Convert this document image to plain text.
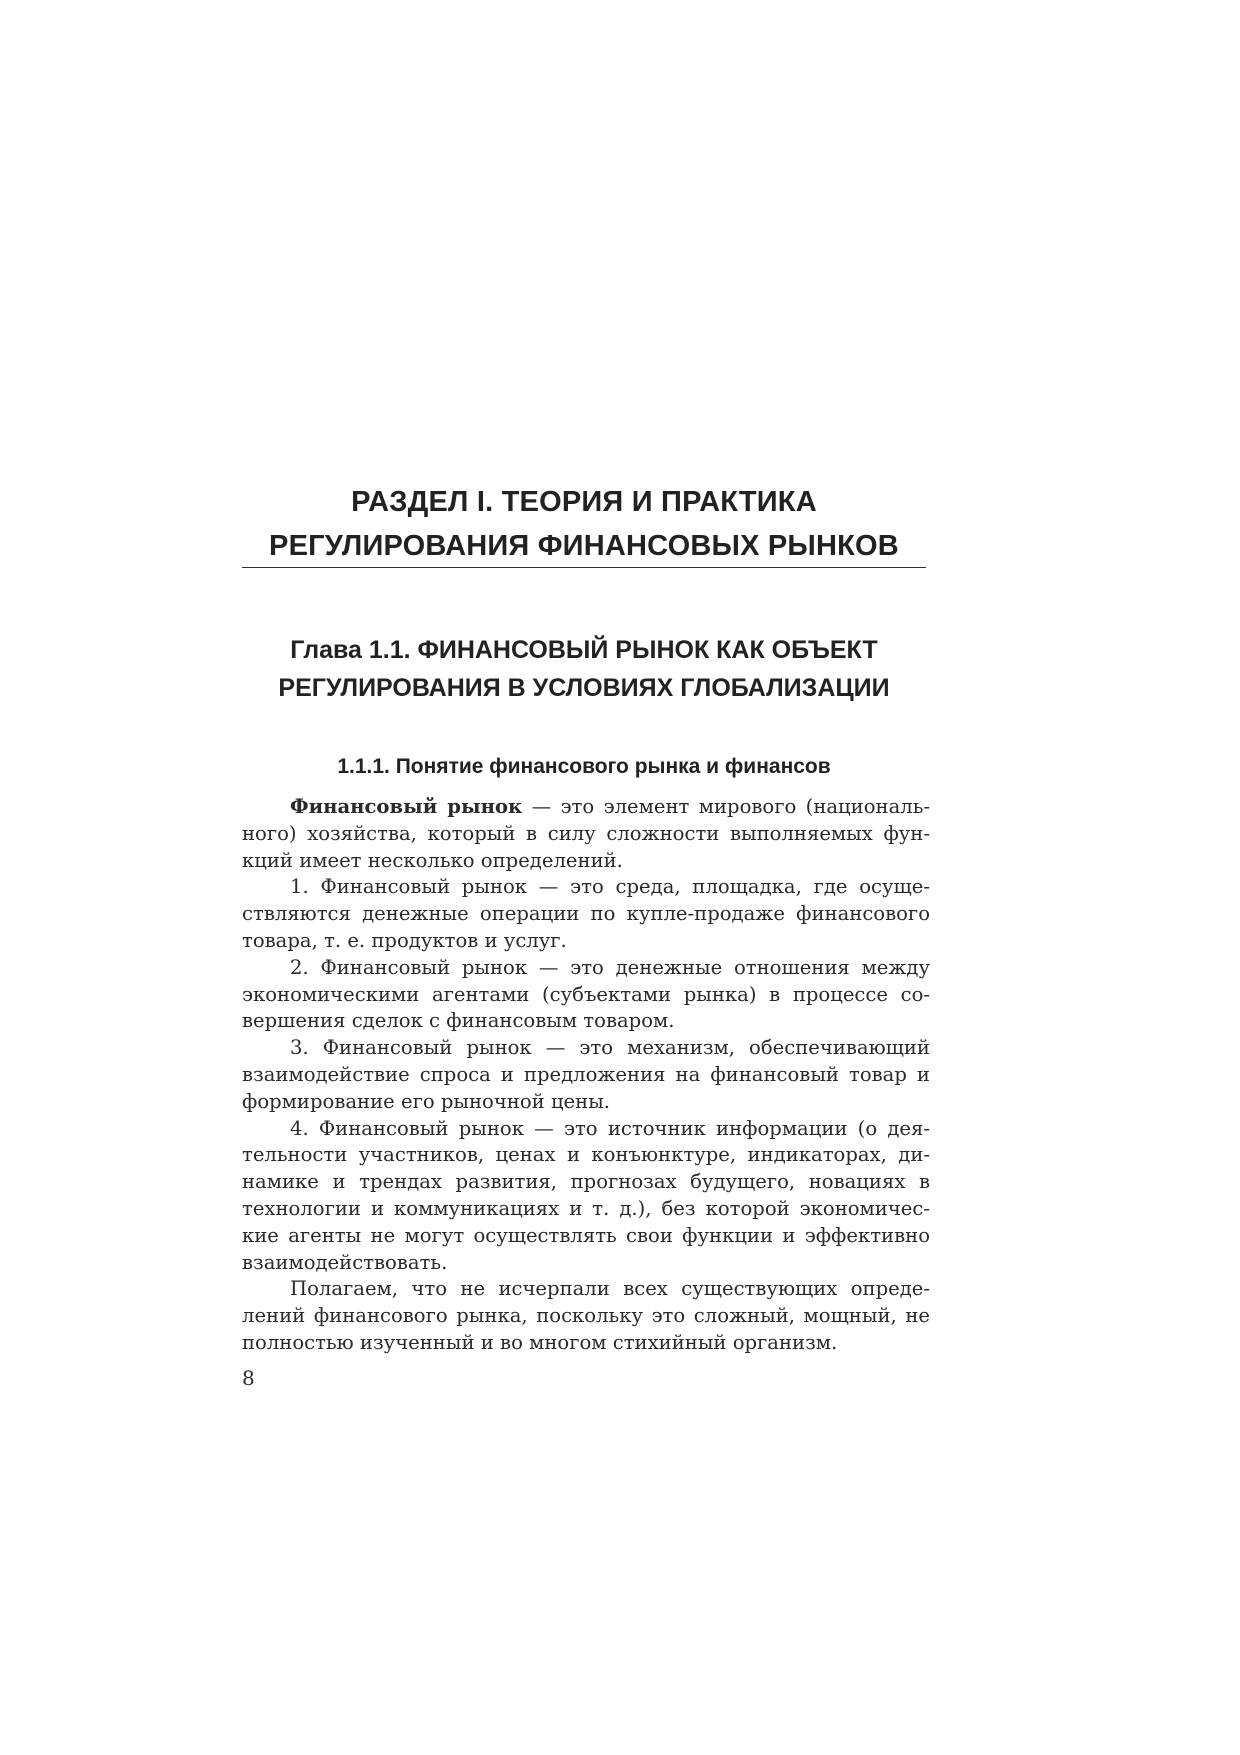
РАЗДЕЛ I. ТЕОРИЯ И ПРАКТИКА
РЕГУЛИРОВАНИЯ ФИНАНСОВЫХ РЫНКОВ
Глава 1.1. ФИНАНСОВЫЙ РЫНОК КАК ОБЪЕКТ
РЕГУЛИРОВАНИЯ В УСЛОВИЯХ ГЛОБАЛИЗАЦИИ
1.1.1. Понятие финансового рынка и финансов
Финансовый рынок — это элемент мирового (националь-
ного) хозяйства, который в силу сложности выполняемых фун-
кций имеет несколько определений.
1. Финансовый рынок — это среда, площадка, где осуще-
ствляются денежные операции по купле-продаже финансового
товара, т. е. продуктов и услуг.
2. Финансовый рынок — это денежные отношения между
экономическими агентами (субъектами рынка) в процессе со-
вершения сделок с финансовым товаром.
3. Финансовый рынок — это механизм, обеспечивающий
взаимодействие спроса и предложения на финансовый товар и
формирование его рыночной цены.
4. Финансовый рынок — это источник информации (о дея-
тельности участников, ценах и конъюнктуре, индикаторах, ди-
намике и трендах развития, прогнозах будущего, новациях в
технологии и коммуникациях и т. д.), без которой экономичес-
кие агенты не могут осуществлять свои функции и эффективно
взаимодействовать.
Полагаем, что не исчерпали всех существующих опреде-
лений финансового рынка, поскольку это сложный, мощный, не
полностью изученный и во многом стихийный организм.
8
